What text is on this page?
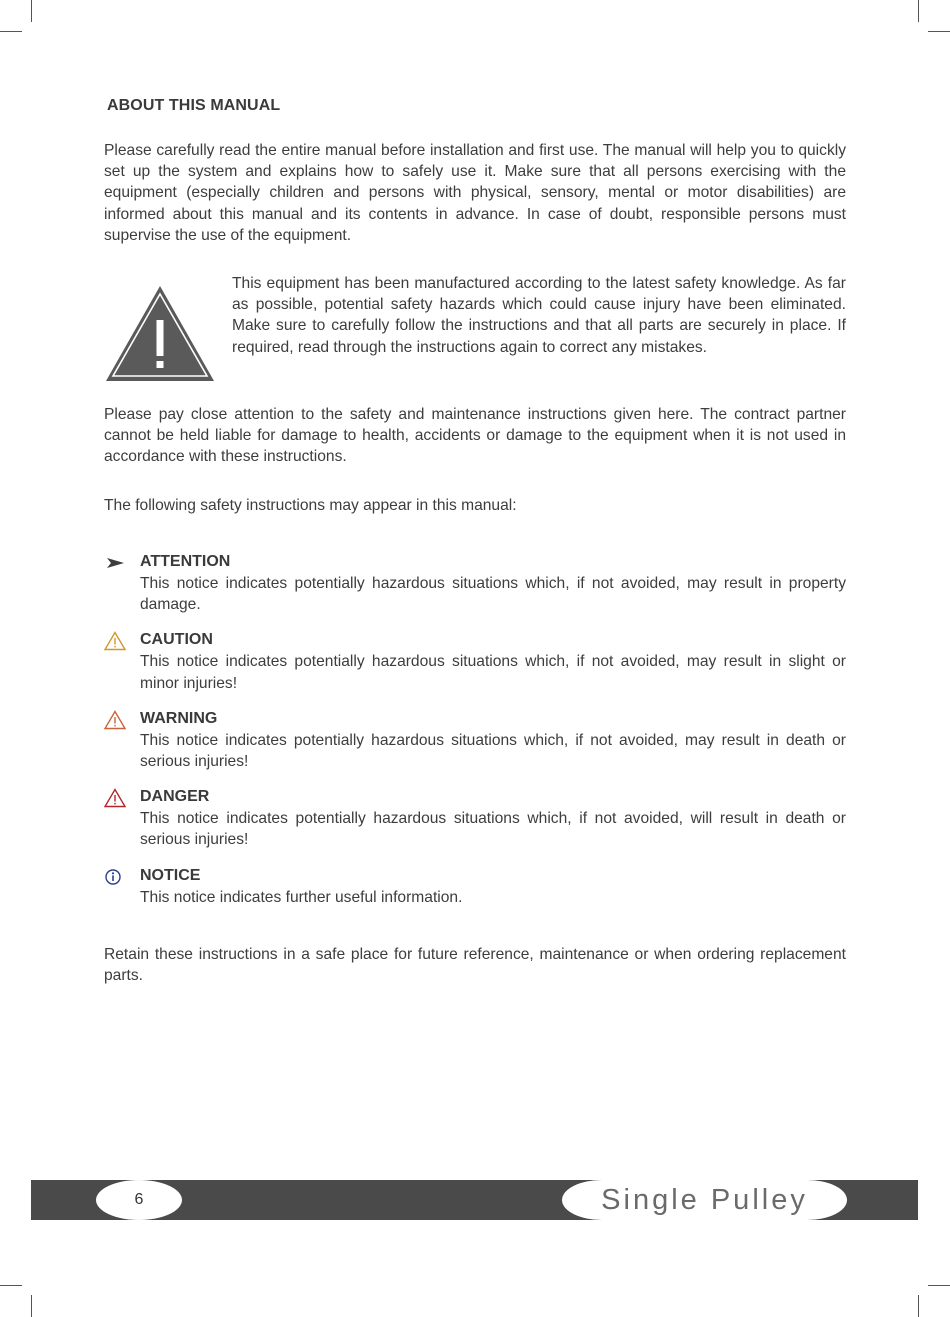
ABOUT THIS MANUAL

Please carefully read the entire manual before installation and first use. The manual will help you to quickly set up the system and explains how to safely use it. Make sure that all persons exercising with the equipment (especially children and persons with physical, sensory, mental or motor disabilities) are informed about this manual and its contents in advance. In case of doubt, responsible persons must supervise the use of the equipment.

This equipment has been manufactured according to the latest safety knowledge. As far as possible, potential safety hazards which could cause injury have been eliminated. Make sure to carefully follow the instructions and that all parts are securely in place. If required, read through the instructions again to correct any mistakes.

Please pay close attention to the safety and maintenance instructions given here. The contract partner cannot be held liable for damage to health, accidents or damage to the equipment when it is not used in accordance with these instructions.

The following safety instructions may appear in this manual:

ATTENTION
This notice indicates potentially hazardous situations which, if not avoided, may result in property damage.
CAUTION
This notice indicates potentially hazardous situations which, if not avoided, may result in slight or minor injuries!
WARNING
This notice indicates potentially hazardous situations which, if not avoided, may result in death or serious injuries!
DANGER
This notice indicates potentially hazardous situations which, if not avoided, will result in death or serious injuries!
NOTICE
This notice indicates further useful information.

Retain these instructions in a safe place for future reference, maintenance or when ordering replacement parts.

6	Single Pulley
